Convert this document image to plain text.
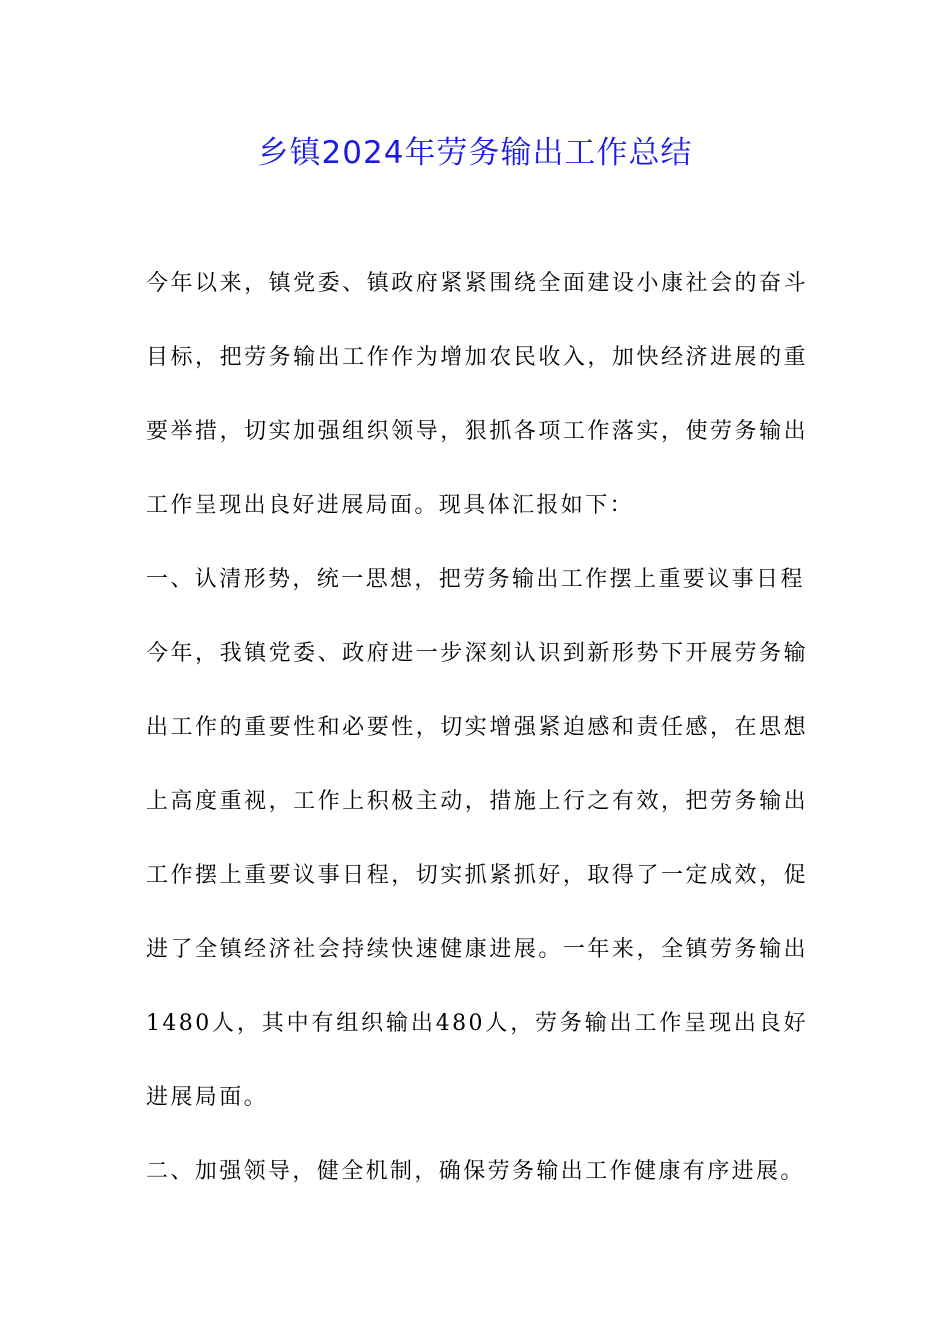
乡镇2024年劳务输出工作总结

今年以来，镇党委、镇政府紧紧围绕全面建设小康社会的奋斗目标，把劳务输出工作作为增加农民收入，加快经济进展的重要举措，切实加强组织领导，狠抓各项工作落实，使劳务输出工作呈现出良好进展局面。现具体汇报如下：

一、认清形势，统一思想，把劳务输出工作摆上重要议事日程

今年，我镇党委、政府进一步深刻认识到新形势下开展劳务输出工作的重要性和必要性，切实增强紧迫感和责任感，在思想上高度重视，工作上积极主动，措施上行之有效，把劳务输出工作摆上重要议事日程，切实抓紧抓好，取得了一定成效，促进了全镇经济社会持续快速健康进展。一年来，全镇劳务输出1480人，其中有组织输出480人，劳务输出工作呈现出良好进展局面。

二、加强领导，健全机制，确保劳务输出工作健康有序进展。
